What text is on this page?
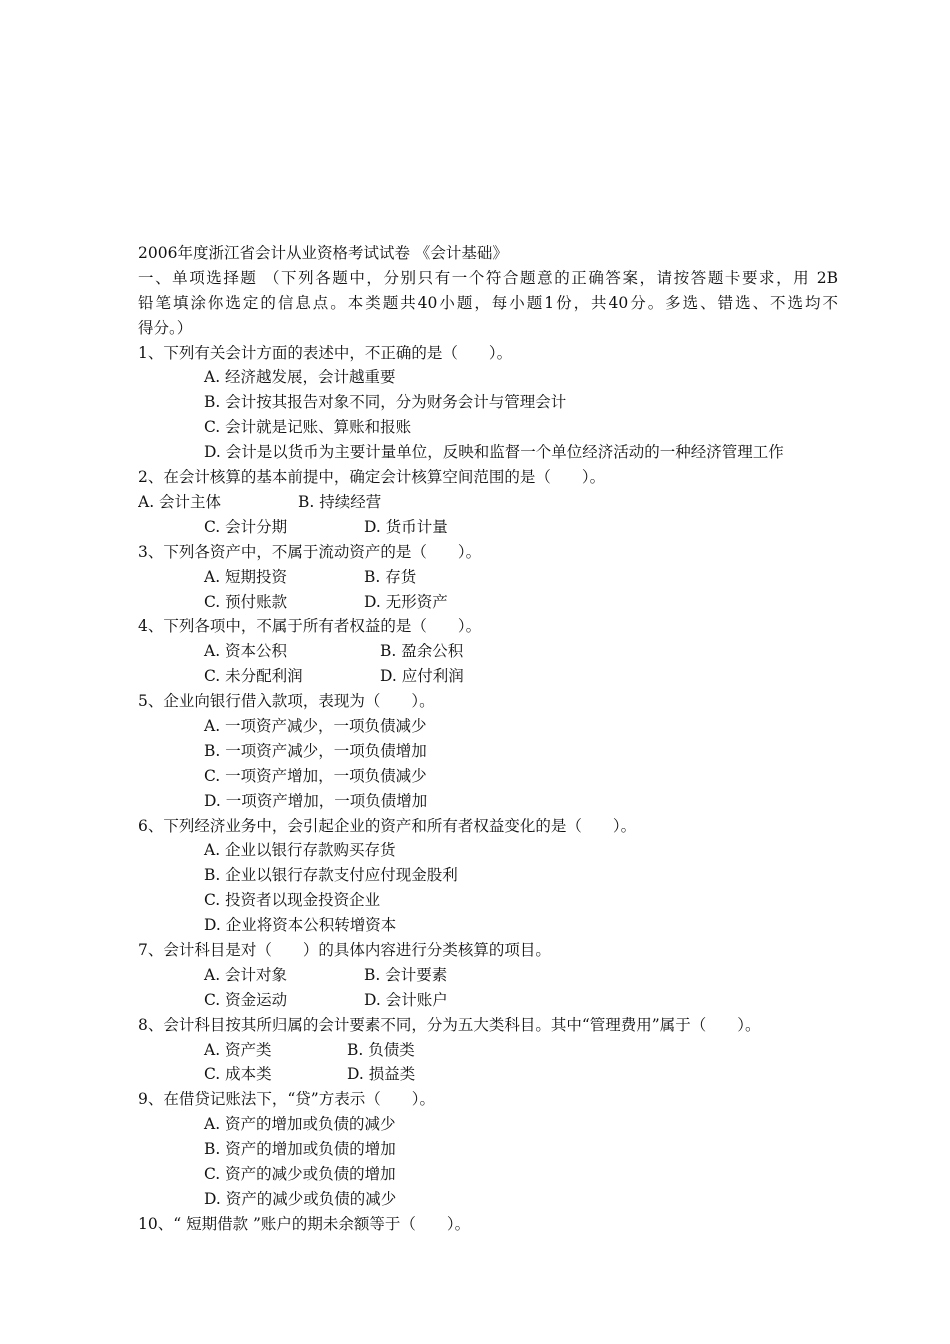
2006年度浙江省会计从业资格考试试卷 《会计基础》
一、单项选择题 （下列各题中，分别只有一个符合题意的正确答案，请按答题卡要求，用 2B
铅笔填涂你选定的信息点。本类题共40小题，每小题1份，共40分。多选、错选、不选均不
得分。）
1、下列有关会计方面的表述中，不正确的是（　　）。
A. 经济越发展，会计越重要
B. 会计按其报告对象不同，分为财务会计与管理会计
C. 会计就是记账、算账和报账
D. 会计是以货币为主要计量单位，反映和监督一个单位经济活动的一种经济管理工作
2、在会计核算的基本前提中，确定会计核算空间范围的是（　　）。
A. 会计主体	B. 持续经营
C. 会计分期	D. 货币计量
3、下列各资产中，不属于流动资产的是（　　）。
A. 短期投资	B. 存货
C. 预付账款	D. 无形资产
4、下列各项中，不属于所有者权益的是（　　）。
A. 资本公积	B. 盈余公积
C. 未分配利润	D. 应付利润
5、企业向银行借入款项，表现为（　　）。
A. 一项资产减少，一项负债减少
B. 一项资产减少，一项负债增加
C. 一项资产增加，一项负债减少
D. 一项资产增加，一项负债增加
6、下列经济业务中，会引起企业的资产和所有者权益变化的是（　　）。
A. 企业以银行存款购买存货
B. 企业以银行存款支付应付现金股利
C. 投资者以现金投资企业
D. 企业将资本公积转增资本
7、会计科目是对（　　）的具体内容进行分类核算的项目。
A. 会计对象	B. 会计要素
C. 资金运动	D. 会计账户
8、会计科目按其所归属的会计要素不同，分为五大类科目。其中“管理费用”属于（　　）。
A. 资产类	B. 负债类
C. 成本类	D. 损益类
9、在借贷记账法下，“贷”方表示（　　）。
A. 资产的增加或负债的减少
B. 资产的增加或负债的增加
C. 资产的减少或负债的增加
D. 资产的减少或负债的减少
10、“ 短期借款 ”账户的期未余额等于（　　）。
